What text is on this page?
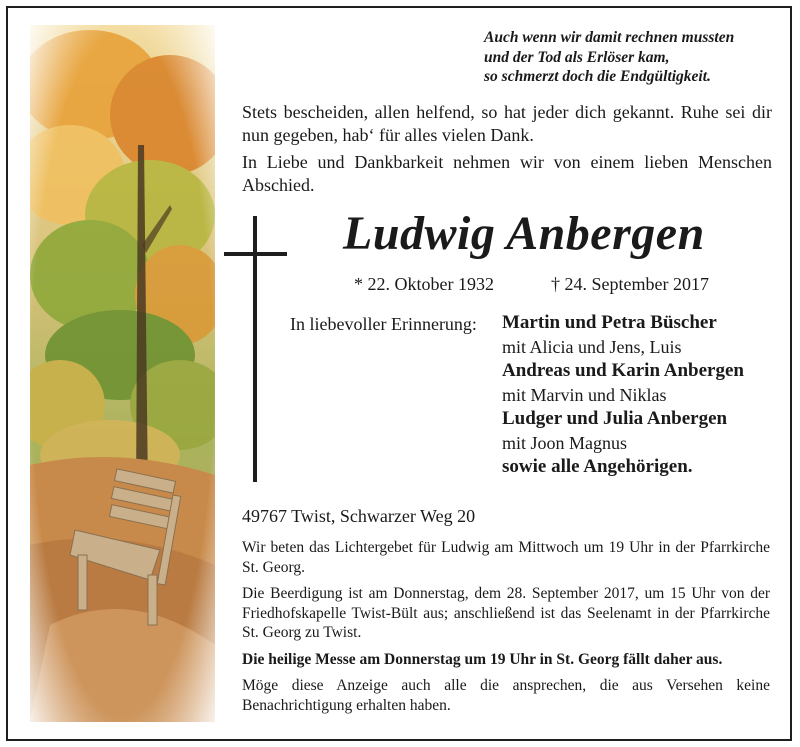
Auch wenn wir damit rechnen mussten
und der Tod als Erlöser kam,
so schmerzt doch die Endgültigkeit.

Stets bescheiden, allen helfend, so hat jeder dich gekannt. Ruhe sei dir nun gegeben, hab‘ für alles vielen Dank.

In Liebe und Dankbarkeit nehmen wir von einem lieben Menschen Abschied.

Ludwig Anbergen
* 22. Oktober 1932	† 24. September 2017
In liebevoller Erinnerung: Martin und Petra Büscher
mit Alicia und Jens, Luis
Andreas und Karin Anbergen
mit Marvin und Niklas
Ludger und Julia Anbergen
mit Joon Magnus
sowie alle Angehörigen.
49767 Twist, Schwarzer Weg 20

Wir beten das Lichtergebet für Ludwig am Mittwoch um 19 Uhr in der Pfarrkirche St. Georg.

Die Beerdigung ist am Donnerstag, dem 28. September 2017, um 15 Uhr von der Friedhofskapelle Twist-Bült aus; anschließend ist das Seelenamt in der Pfarrkirche St. Georg zu Twist.

Die heilige Messe am Donnerstag um 19 Uhr in St. Georg fällt daher aus.

Möge diese Anzeige auch alle die ansprechen, die aus Versehen keine Benachrichtigung erhalten haben.
